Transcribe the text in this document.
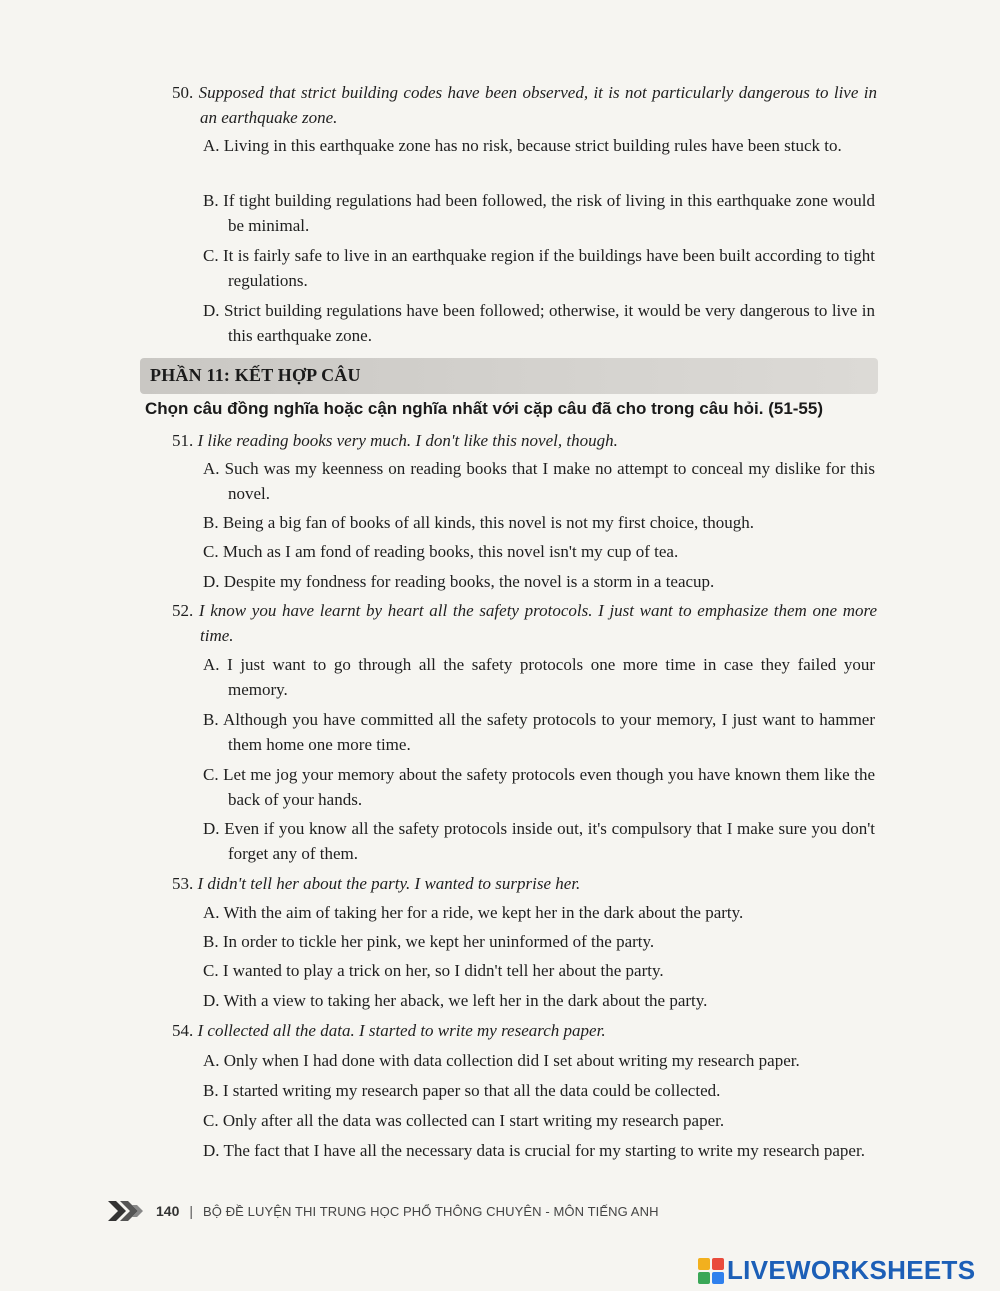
50. Supposed that strict building codes have been observed, it is not particularly dangerous to live in an earthquake zone.
A. Living in this earthquake zone has no risk, because strict building rules have been stuck to.
B. If tight building regulations had been followed, the risk of living in this earthquake zone would be minimal.
C. It is fairly safe to live in an earthquake region if the buildings have been built according to tight regulations.
D. Strict building regulations have been followed; otherwise, it would be very dangerous to live in this earthquake zone.
PHẦN 11: KẾT HỢP CÂU
Chọn câu đồng nghĩa hoặc cận nghĩa nhất với cặp câu đã cho trong câu hỏi. (51-55)
51. I like reading books very much. I don't like this novel, though.
A. Such was my keenness on reading books that I make no attempt to conceal my dislike for this novel.
B. Being a big fan of books of all kinds, this novel is not my first choice, though.
C. Much as I am fond of reading books, this novel isn't my cup of tea.
D. Despite my fondness for reading books, the novel is a storm in a teacup.
52. I know you have learnt by heart all the safety protocols. I just want to emphasize them one more time.
A. I just want to go through all the safety protocols one more time in case they failed your memory.
B. Although you have committed all the safety protocols to your memory, I just want to hammer them home one more time.
C. Let me jog your memory about the safety protocols even though you have known them like the back of your hands.
D. Even if you know all the safety protocols inside out, it's compulsory that I make sure you don't forget any of them.
53. I didn't tell her about the party. I wanted to surprise her.
A. With the aim of taking her for a ride, we kept her in the dark about the party.
B. In order to tickle her pink, we kept her uninformed of the party.
C. I wanted to play a trick on her, so I didn't tell her about the party.
D. With a view to taking her aback, we left her in the dark about the party.
54. I collected all the data. I started to write my research paper.
A. Only when I had done with data collection did I set about writing my research paper.
B. I started writing my research paper so that all the data could be collected.
C. Only after all the data was collected can I start writing my research paper.
D. The fact that I have all the necessary data is crucial for my starting to write my research paper.
140 | BỘ ĐỀ LUYỆN THI TRUNG HỌC PHỔ THÔNG CHUYÊN - MÔN TIẾNG ANH
LIVEWORKSHEETS
